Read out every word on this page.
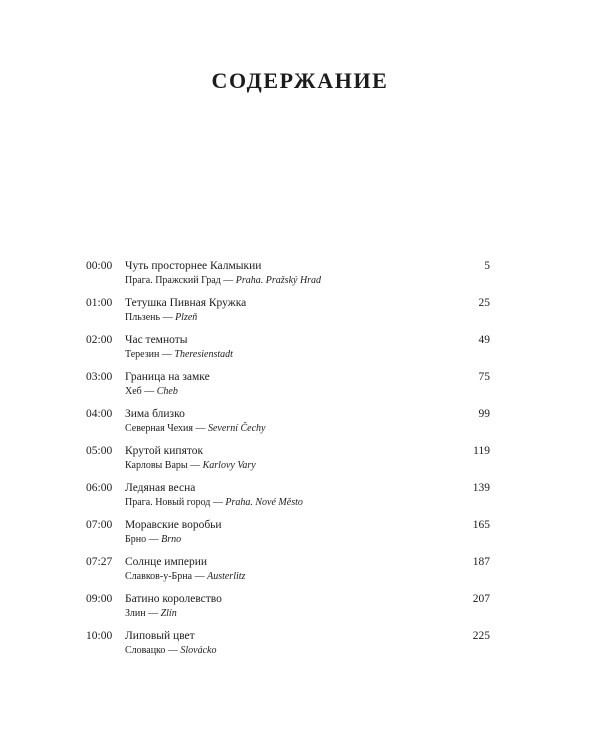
СОДЕРЖАНИЕ
00:00 Чуть просторнее Калмыкии	5
Прага. Пражский Град — Praha. Pražský Hrad
01:00 Тетушка Пивная Кружка	25
Пльзень — Plzeň
02:00 Час темноты	49
Терезин — Theresienstadt
03:00 Граница на замке	75
Хеб — Cheb
04:00 Зима близко	99
Северная Чехия — Severní Čechy
05:00 Крутой кипяток	119
Карловы Вары — Karlovy Vary
06:00 Ледяная весна	139
Прага. Новый город — Praha. Nové Město
07:00 Моравские воробьи	165
Брно — Brno
07:27 Солнце империи	187
Славков-у-Брна — Austerlitz
09:00 Батино королевство	207
Злин — Zlín
10:00 Липовый цвет	225
Словацко — Slovácko
